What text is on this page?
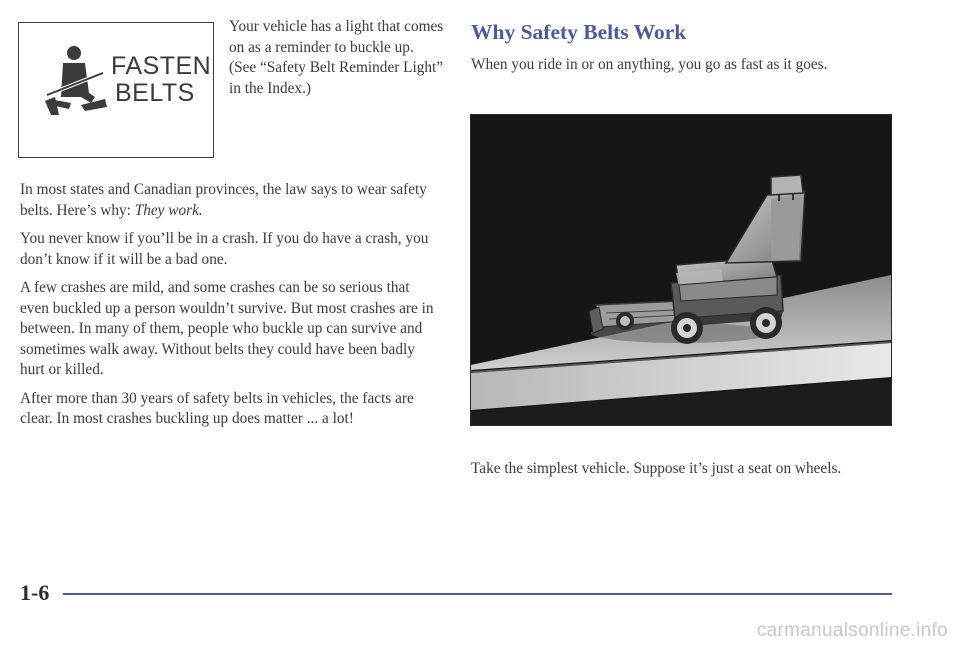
FASTEN
BELTS
Your vehicle has a light that comes on as a reminder to buckle up. (See “Safety Belt Reminder Light” in the Index.)

In most states and Canadian provinces, the law says to wear safety belts. Here’s why: They work.

You never know if you’ll be in a crash. If you do have a crash, you don’t know if it will be a bad one.

A few crashes are mild, and some crashes can be so serious that even buckled up a person wouldn’t survive. But most crashes are in between. In many of them, people who buckle up can survive and sometimes walk away. Without belts they could have been badly hurt or killed.

After more than 30 years of safety belts in vehicles, the facts are clear. In most crashes buckling up does matter ... a lot!

Why Safety Belts Work

When you ride in or on anything, you go as fast as it goes.

Take the simplest vehicle. Suppose it’s just a seat on wheels.

1-6
carmanualsonline.info
